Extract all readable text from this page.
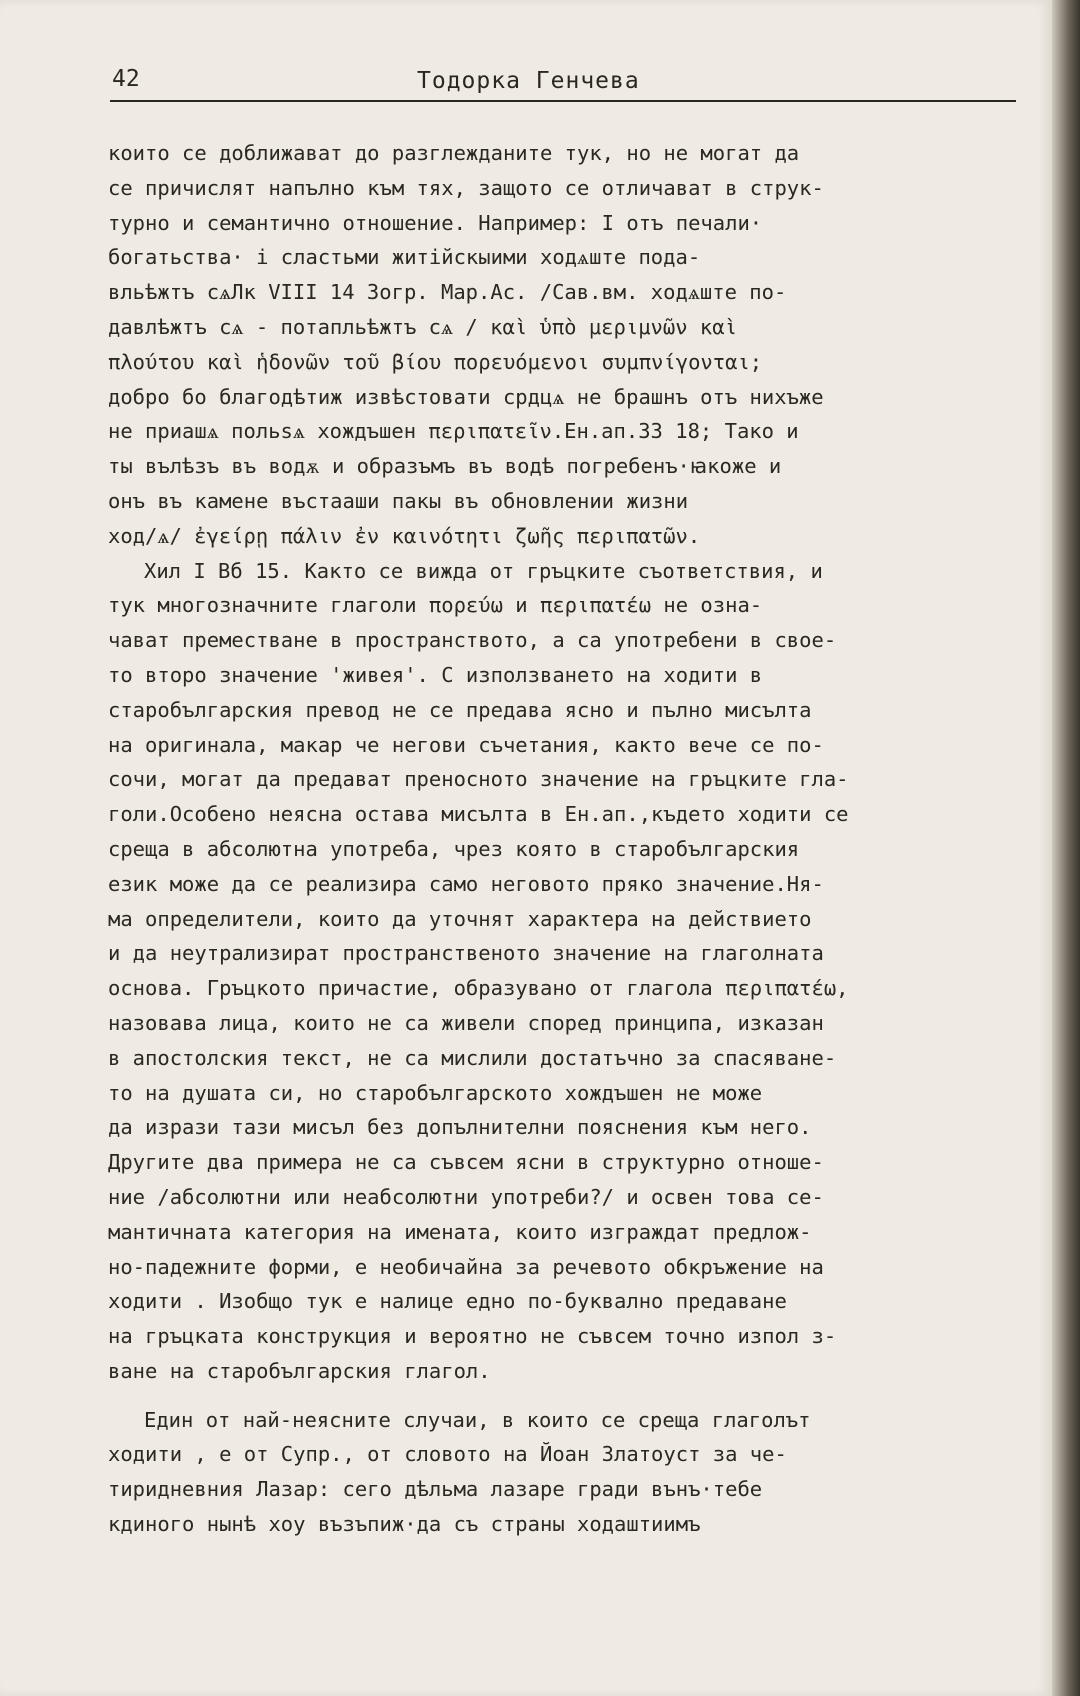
42	Тодорка Генчева
които се доближават до разглежданите тук, но не могат да
се причислят напълно към тях, защото се отличават в струк-
турно и семантично отношение. Например: І отъ печали·
богатьства· і сластьми житійскыими ходѧште пода-
вльѣжтъ сѧЛк VIII 14 Зогр. Мар.Ас. /Сав.вм. ходѧште по-
давлѣжтъ сѧ - потапльѣжтъ сѧ / καὶ ὑπὸ μεριμνῶν καὶ
πλούτου καὶ ἡδονῶν τοῦ βίου πορευόμενοι συμπνίγονται;
добро бо благодѣтиж извѣстовати срдцѧ не брашнъ отъ нихъже
не приашѧ польѕѧ хождъшен περιπατεῖν.Ен.ап.33 18; Тако и
ты вълѣзъ въ водѫ и образъмъ въ водѣ погребенъ·ꙗкоже и
онъ въ камене въстааши пакы въ обновлении жизни
ход/ѧ/ ἐγείρῃ πάλιν ἐν καινότητι ζωῆς περιπατῶν.
Хил I Вб 15. Както се вижда от гръцките съответствия, и
тук многозначните глаголи πορεύω и περιπατέω не озна-
чават преместване в пространството, а са употребени в свое-
то второ значение 'живея'. С използването на ходити в
старобългарския превод не се предава ясно и пълно мисълта
на оригинала, макар че негови съчетания, както вече се по-
сочи, могат да предават преносното значение на гръцките гла-
голи.Особено неясна остава мисълта в Ен.ап.,където ходити се
среща в абсолютна употреба, чрез която в старобългарския
език може да се реализира само неговото пряко значение.Ня-
ма определители, които да уточнят характера на действието
и да неутрализират пространственото значение на глаголната
основа. Гръцкото причастие, образувано от глагола περιπατέω,
назовава лица, които не са живели според принципа, изказан
в апостолския текст, не са мислили достатъчно за спасяване-
то на душата си, но старобългарското хождъшен не може
да изрази тази мисъл без допълнителни пояснения към него.
Другите два примера не са съвсем ясни в структурно отноше-
ние /абсолютни или неабсолютни употреби?/ и освен това се-
мантичната категория на имената, които изграждат предлож-
но-падежните форми, е необичайна за речевото обкръжение на
ходити . Изобщо тук е налице едно по-буквално предаване
на гръцката конструкция и вероятно не съвсем точно изпол з-
ване на старобългарския глагол.
Един от най-неясните случаи, в които се среща глаголът
ходити , е от Супр., от словото на Йоан Златоуст за че-
тиридневния Лазар: сего дѣльма лазаре гради вънъ·тебе
кдиного нынѣ хоу възъпиж·да съ страны ходаштиимъ
